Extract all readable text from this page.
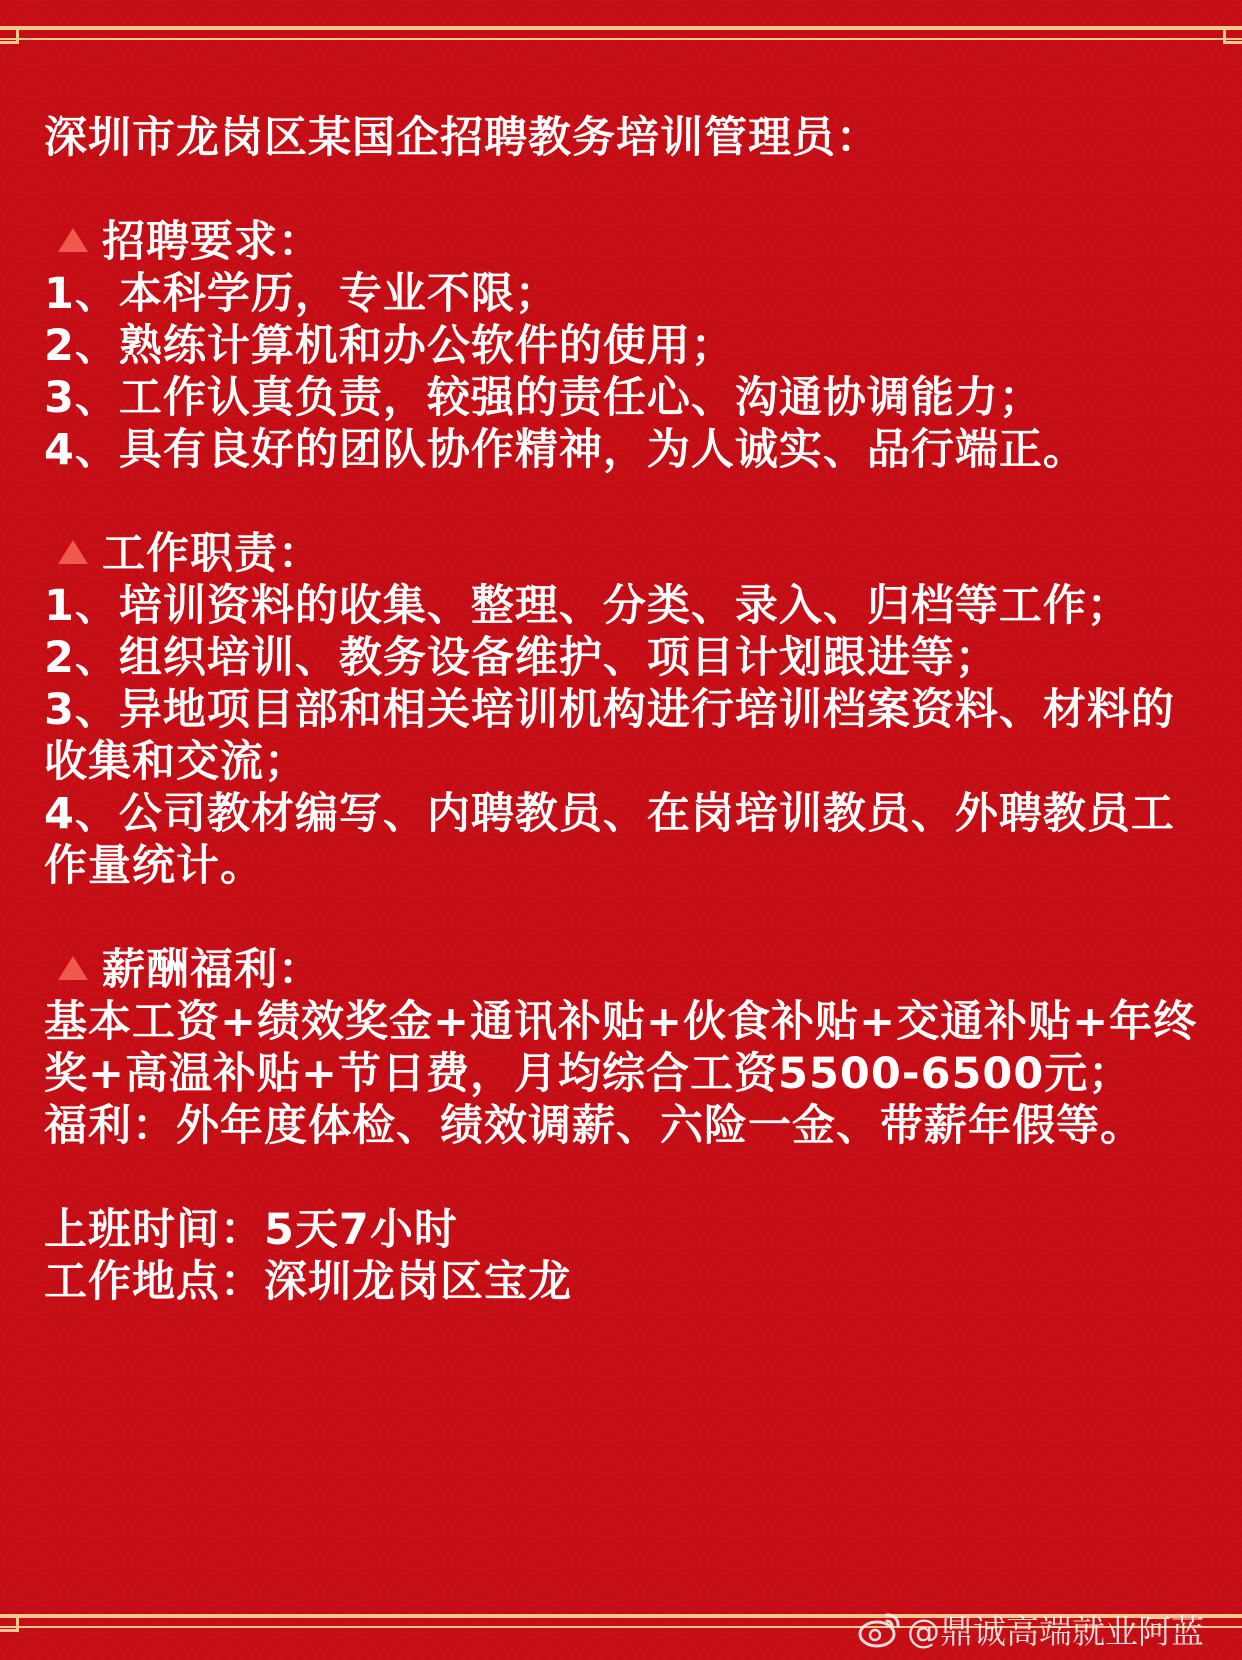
深圳市龙岗区某国企招聘教务培训管理员：

招聘要求：

1、本科学历，专业不限；

2、熟练计算机和办公软件的使用；

3、工作认真负责，较强的责任心、沟通协调能力；

4、具有良好的团队协作精神，为人诚实、品行端正。

工作职责：

1、培训资料的收集、整理、分类、录入、归档等工作；

2、组织培训、教务设备维护、项目计划跟进等；

3、异地项目部和相关培训机构进行培训档案资料、材料的收集和交流；

4、公司教材编写、内聘教员、在岗培训教员、外聘教员工作量统计。

薪酬福利：

基本工资+绩效奖金+通讯补贴+伙食补贴+交通补贴+年终奖+高温补贴+节日费，月均综合工资5500-6500元；

福利：外年度体检、绩效调薪、六险一金、带薪年假等。

上班时间：5天7小时

工作地点：深圳龙岗区宝龙

@鼎诚高端就业阿蓝
